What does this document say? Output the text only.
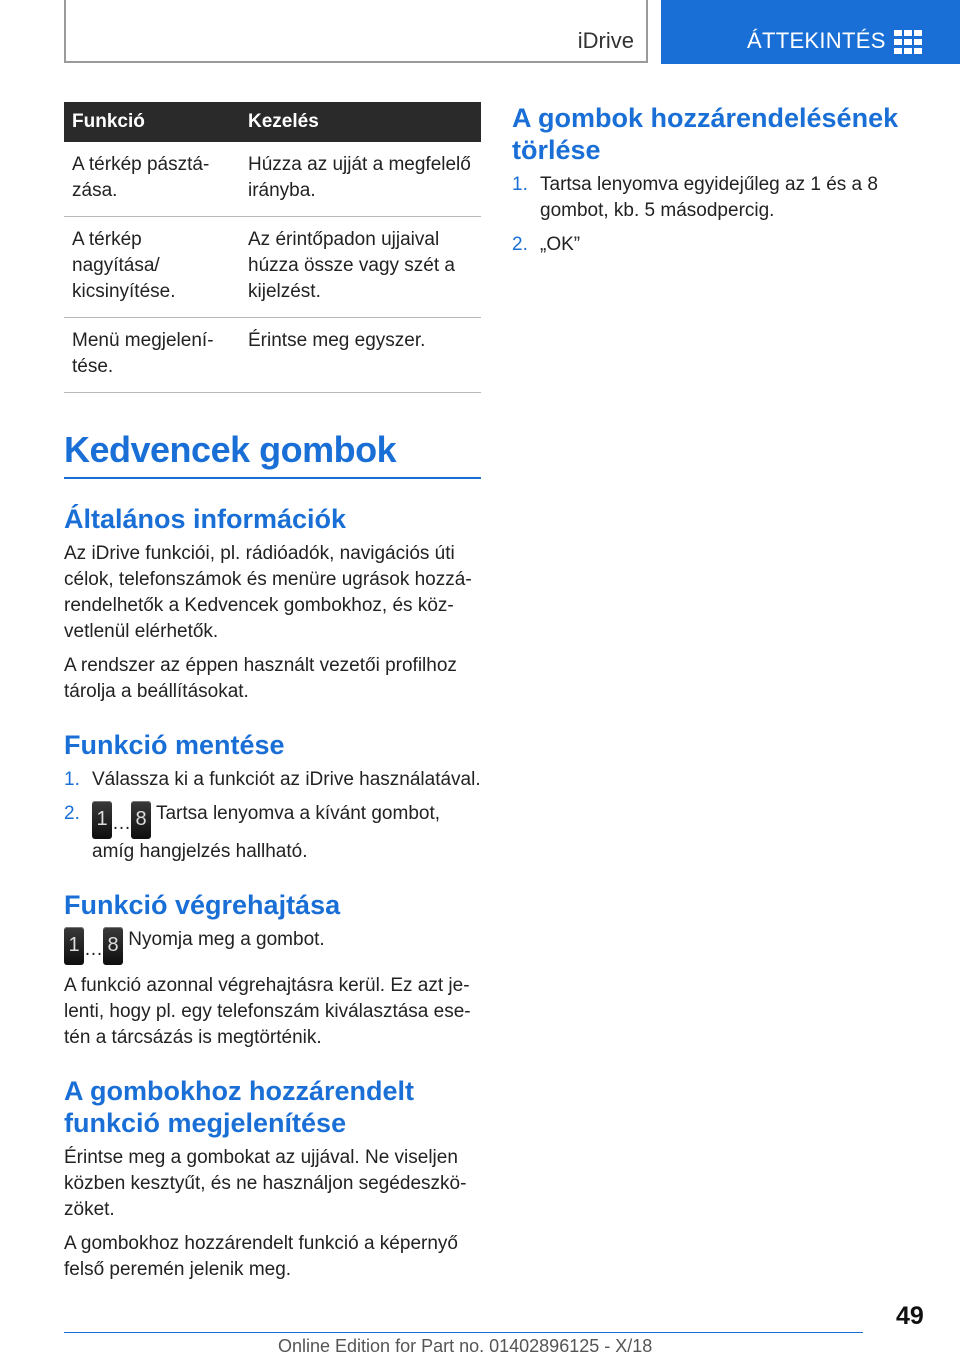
iDrive	ÁTTEKINTÉS
Funkció	Kezelés
A térkép pásztá-
zása.	Húzza az ujját a megfelelő
irányba.
A térkép nagyítása/
kicsinyítése.	Az érintőpadon ujjaival
húzza össze vagy szét a
kijelzést.
Menü megjelení-
tése.	Érintse meg egyszer.
Kedvencek gombok
Általános információk

Az iDrive funkciói, pl. rádióadók, navigációs úti célok, telefonszámok és menüre ugrások hozzá-rendelhetők a Kedvencek gombokhoz, és köz-vetlenül elérhetők.

A rendszer az éppen használt vezetői profilhoz tárolja a beállításokat.

Funkció mentése
1. Válassza ki a funkciót az iDrive használatával.
2. 1 … 8 Tartsa lenyomva a kívánt gombot, amíg hangjelzés hallható.
Funkció végrehajtása

1 … 8 Nyomja meg a gombot.

A funkció azonnal végrehajtásra kerül. Ez azt je-lenti, hogy pl. egy telefonszám kiválasztása ese-tén a tárcsázás is megtörténik.

A gombokhoz hozzárendelt funkció megjelenítése

Érintse meg a gombokat az ujjával. Ne viseljen közben kesztyűt, és ne használjon segédeszkö-zöket.

A gombokhoz hozzárendelt funkció a képernyő felső peremén jelenik meg.

A gombok hozzárendelésének törlése
1. Tartsa lenyomva egyidejűleg az 1 és a 8 gombot, kb. 5 másodpercig.
2. „OK”
49
Online Edition for Part no. 01402896125 - X/18
